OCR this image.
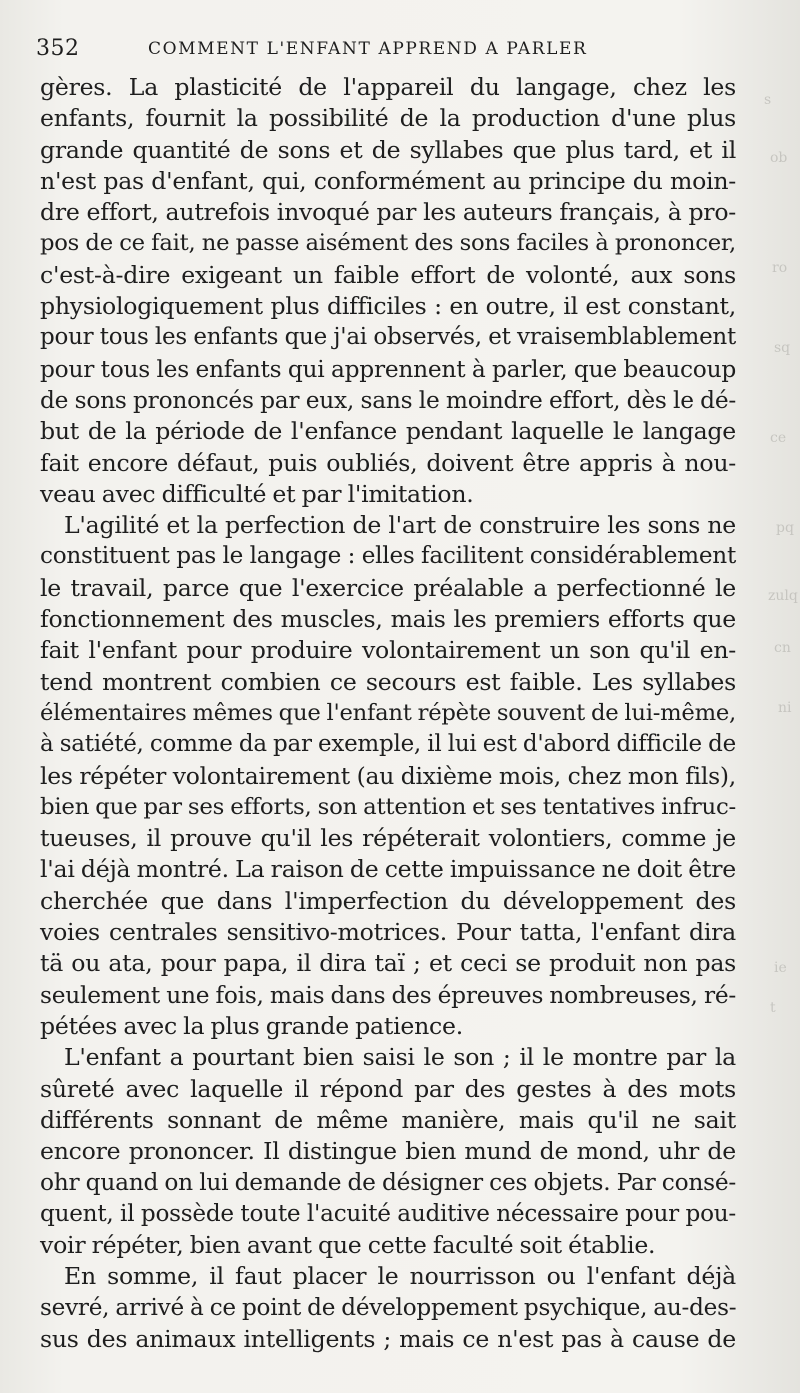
352	COMMENT L'ENFANT APPREND A PARLER
gères. La plasticité de l'appareil du langage, chez les
enfants, fournit la possibilité de la production d'une plus
grande quantité de sons et de syllabes que plus tard, et il
n'est pas d'enfant, qui, conformément au principe du moin-
dre effort, autrefois invoqué par les auteurs français, à pro-
pos de ce fait, ne passe aisément des sons faciles à prononcer,
c'est-à-dire exigeant un faible effort de volonté, aux sons
physiologiquement plus difficiles : en outre, il est constant,
pour tous les enfants que j'ai observés, et vraisemblablement
pour tous les enfants qui apprennent à parler, que beaucoup
de sons prononcés par eux, sans le moindre effort, dès le dé-
but de la période de l'enfance pendant laquelle le langage
fait encore défaut, puis oubliés, doivent être appris à nou-
veau avec difficulté et par l'imitation.
L'agilité et la perfection de l'art de construire les sons ne
constituent pas le langage : elles facilitent considérablement
le travail, parce que l'exercice préalable a perfectionné le
fonctionnement des muscles, mais les premiers efforts que
fait l'enfant pour produire volontairement un son qu'il en-
tend montrent combien ce secours est faible. Les syllabes
élémentaires mêmes que l'enfant répète souvent de lui-même,
à satiété, comme da par exemple, il lui est d'abord difficile de
les répéter volontairement (au dixième mois, chez mon fils),
bien que par ses efforts, son attention et ses tentatives infruc-
tueuses, il prouve qu'il les répéterait volontiers, comme je
l'ai déjà montré. La raison de cette impuissance ne doit être
cherchée que dans l'imperfection du développement des
voies centrales sensitivo-motrices. Pour tatta, l'enfant dira
tä ou ata, pour papa, il dira taï ; et ceci se produit non pas
seulement une fois, mais dans des épreuves nombreuses, ré-
pétées avec la plus grande patience.
L'enfant a pourtant bien saisi le son ; il le montre par la
sûreté avec laquelle il répond par des gestes à des mots
différents sonnant de même manière, mais qu'il ne sait
encore prononcer. Il distingue bien mund de mond, uhr de
ohr quand on lui demande de désigner ces objets. Par consé-
quent, il possède toute l'acuité auditive nécessaire pour pou-
voir répéter, bien avant que cette faculté soit établie.
En somme, il faut placer le nourrisson ou l'enfant déjà
sevré, arrivé à ce point de développement psychique, au-des-
sus des animaux intelligents ; mais ce n'est pas à cause de
s
ob
ro
sq
ce
pq
zulq
cn
ni
ie
t
